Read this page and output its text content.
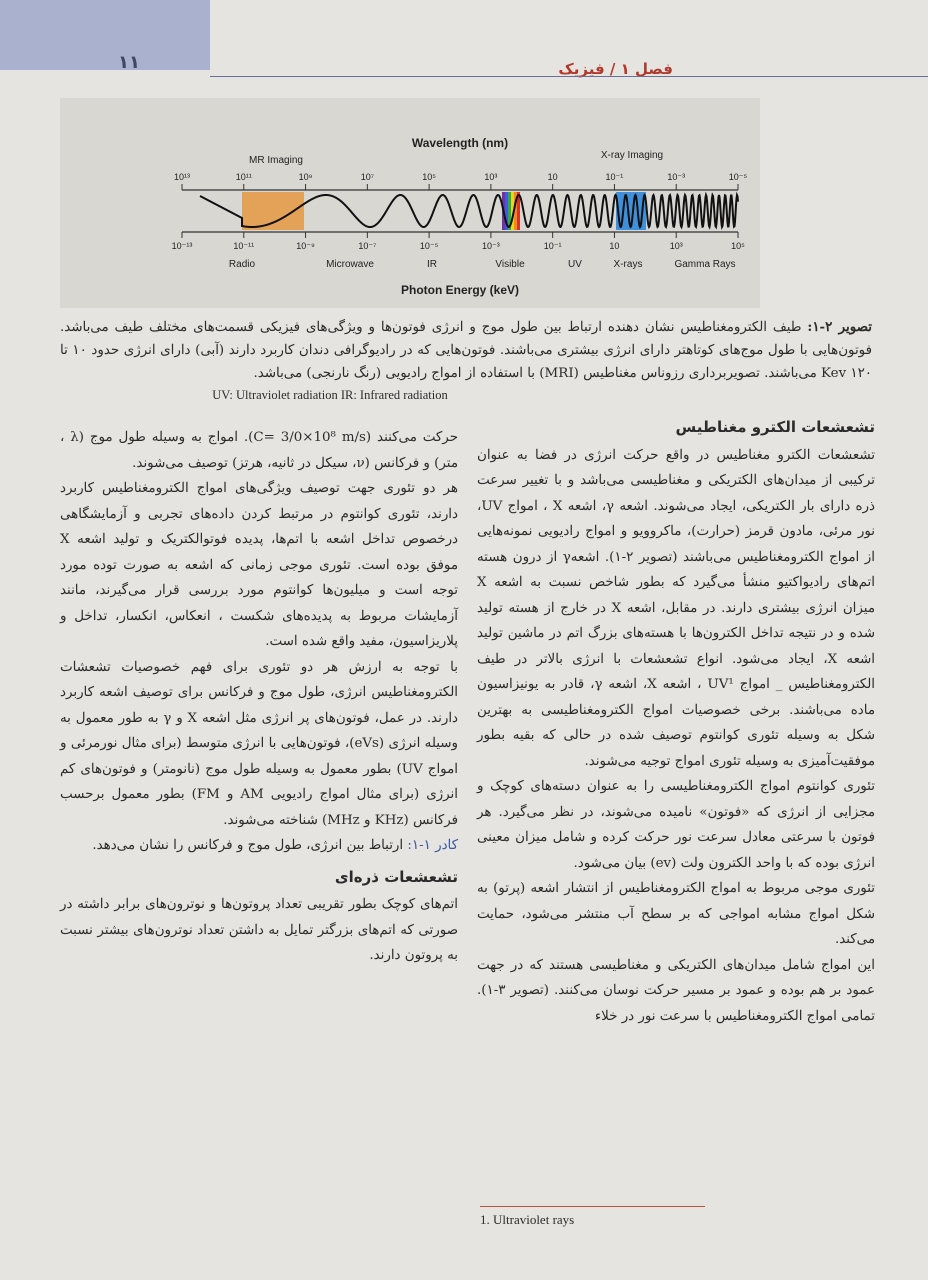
۱۱	فصل ۱ / فیزیک
Wavelength (nm)
MR Imaging	X-ray Imaging
10¹³	10¹¹	10⁹	10⁷	10⁵	10³	10	10⁻¹	10⁻³	10⁻⁵
10⁻¹³	10⁻¹¹	10⁻⁹	10⁻⁷	10⁻⁵	10⁻³	10⁻¹	10	10³	10⁵
Radio	Microwave	IR	Visible	UV	X-rays	Gamma Rays
Photon Energy (keV)
تصویر ۲-۱: طیف الکترومغناطیس نشان دهنده ارتباط بین طول موج و انرژی فوتون‌ها و ویژگی‌های فیزیکی قسمت‌های مختلف طیف می‌باشد. فوتون‌هایی با طول موج‌های کوتاهتر دارای انرژی بیشتری می‌باشند. فوتون‌هایی که در رادیوگرافی دندان کاربرد دارند (آبی) دارای انرژی حدود ۱۰ تا ۱۲۰ Kev می‌باشند. تصویربرداری رزوناس مغناطیس (MRI) با استفاده از امواج رادیویی (رنگ نارنجی) می‌باشد.
UV: Ultraviolet radiation IR: Infrared radiation
تشعشعات الکترو مغناطیس

تشعشعات الکترو مغناطیس در واقع حرکت انرژی در فضا به عنوان ترکیبی از میدان‌های الکتریکی و مغناطیسی می‌باشد و با تغییر سرعت ذره دارای بار الکتریکی، ایجاد می‌شوند. اشعه γ، اشعه X ، امواج UV، نور مرئی، مادون قرمز (حرارت)، ماکروویو و امواج رادیویی نمونه‌هایی از امواج الکترومغناطیس می‌باشند (تصویر ۲-۱). اشعهγ از درون هسته اتم‌های رادیواکتیو منشأ می‌گیرد که بطور شاخص نسبت به اشعه X میزان انرژی بیشتری دارند. در مقابل، اشعه X در خارج از هسته تولید شده و در نتیجه تداخل الکترون‌ها با هسته‌های بزرگ اتم در ماشین تولید اشعه X، ایجاد می‌شود. انواع تشعشعات با انرژی بالاتر در طیف الکترومغناطیس _ امواج UV¹ ، اشعه X، اشعه γ، قادر به یونیزاسیون ماده می‌باشند. برخی خصوصیات امواج الکترومغناطیسی به بهترین شکل به وسیله تئوری کوانتوم توصیف شده در حالی که بقیه بطور موفقیت‌آمیزی به وسیله تئوری امواج توجیه می‌شوند.

تئوری کوانتوم امواج الکترومغناطیسی را به عنوان دسته‌های کوچک و مجزایی از انرژی که «فوتون» نامیده می‌شوند، در نظر می‌گیرد. هر فوتون با سرعتی معادل سرعت نور حرکت کرده و شامل میزان معینی انرژی بوده که با واحد الکترون ولت (ev) بیان می‌شود.

تئوری موجی مربوط به امواج الکترومغناطیس از انتشار اشعه (پرتو) به شکل امواج مشابه امواجی که بر سطح آب منتشر می‌شود، حمایت می‌کند.

این امواج شامل میدان‌های الکتریکی و مغناطیسی هستند که در جهت عمود بر هم بوده و عمود بر مسیر حرکت نوسان می‌کنند. (تصویر ۳-۱). تمامی امواج الکترومغناطیس با سرعت نور در خلاء

حرکت می‌کنند (C= 3/0×10⁸ m/s). امواج به وسیله طول موج (λ ، متر) و فرکانس (ν، سیکل در ثانیه، هرتز) توصیف می‌شوند.

هر دو تئوری جهت توصیف ویژگی‌های امواج الکترومغناطیس کاربرد دارند، تئوری کوانتوم در مرتبط کردن داده‌های تجربی و آزمایشگاهی درخصوص تداخل اشعه با اتم‌ها، پدیده فوتوالکتریک و تولید اشعه X موفق بوده است. تئوری موجی زمانی که اشعه به صورت توده مورد توجه است و میلیون‌ها کوانتوم مورد بررسی قرار می‌گیرند، مانند آزمایشات مربوط به پدیده‌های شکست ، انعکاس، انکسار، تداخل و پلاریزاسیون، مفید واقع شده است.

با توجه به ارزش هر دو تئوری برای فهم خصوصیات تشعشات الکترومغناطیس انرژی، طول موج و فرکانس برای توصیف اشعه کاربرد دارند. در عمل، فوتون‌های پر انرژی مثل اشعه X و γ به طور معمول به وسیله انرژی (eVs)، فوتون‌هایی با انرژی متوسط (برای مثال نورمرئی و امواج UV) بطور معمول به وسیله طول موج (نانومتر) و فوتون‌های کم انرژی (برای مثال امواج رادیویی AM و FM) بطور معمول برحسب فرکانس (KHz و MHz) شناخته می‌شوند.

کادر ۱-۱: ارتباط بین انرژی، طول موج و فرکانس را نشان می‌دهد.

تشعشعات ذره‌ای

اتم‌های کوچک بطور تقریبی تعداد پروتون‌ها و نوترون‌های برابر داشته در صورتی که اتم‌های بزرگتر تمایل به داشتن تعداد نوترون‌های بیشتر نسبت به پروتون دارند.

1. Ultraviolet rays
